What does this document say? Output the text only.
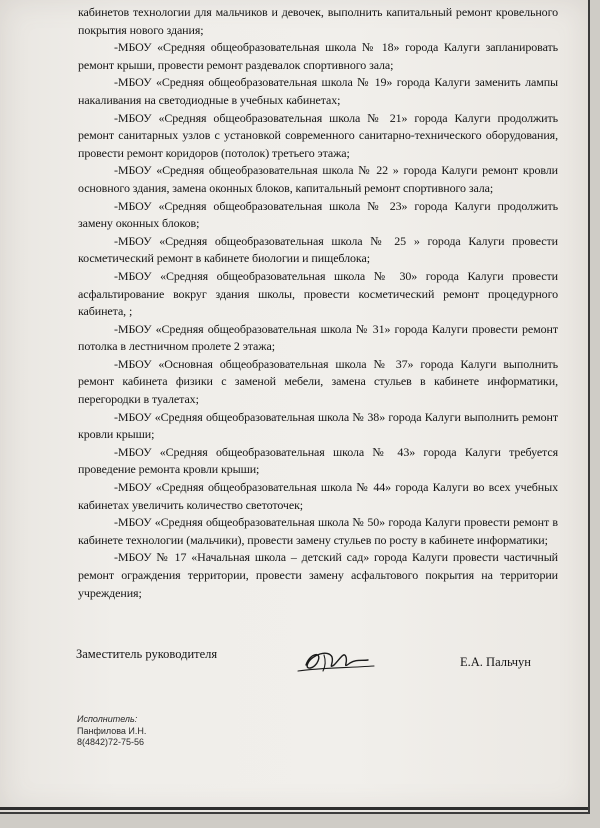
кабинетов технологии для мальчиков и девочек, выполнить капитальный ремонт кровельного покрытия нового здания;

-МБОУ «Средняя общеобразовательная школа № 18» города Калуги запланировать ремонт крыши, провести ремонт раздевалок спортивного зала;

-МБОУ «Средняя общеобразовательная школа № 19» города Калуги заменить лампы накаливания на светодиодные в учебных кабинетах;

-МБОУ «Средняя общеобразовательная школа № 21» города Калуги продолжить ремонт санитарных узлов с установкой современного санитарно-технического оборудования, провести ремонт коридоров (потолок) третьего этажа;

-МБОУ «Средняя общеобразовательная школа № 22 » города Калуги ремонт кровли основного здания, замена оконных блоков, капитальный ремонт спортивного зала;

-МБОУ «Средняя общеобразовательная школа № 23» города Калуги продолжить замену оконных блоков;

-МБОУ «Средняя общеобразовательная школа № 25 » города Калуги провести косметический ремонт в кабинете биологии и пищеблока;

-МБОУ «Средняя общеобразовательная школа № 30» города Калуги провести асфальтирование вокруг здания школы, провести косметический ремонт процедурного кабинета, ;

-МБОУ «Средняя общеобразовательная школа № 31» города Калуги провести ремонт потолка в лестничном пролете 2 этажа;

-МБОУ «Основная общеобразовательная школа № 37» города Калуги выполнить ремонт кабинета физики с заменой мебели, замена стульев в кабинете информатики, перегородки в туалетах;

-МБОУ «Средняя общеобразовательная школа № 38» города Калуги выполнить ремонт кровли крыши;

-МБОУ «Средняя общеобразовательная школа № 43» города Калуги требуется проведение ремонта кровли крыши;

-МБОУ «Средняя общеобразовательная школа № 44» города Калуги во всех учебных кабинетах увеличить количество светоточек;

-МБОУ «Средняя общеобразовательная школа № 50» города Калуги провести ремонт в кабинете технологии (мальчики), провести замену стульев по росту в кабинете информатики;

-МБОУ № 17 «Начальная школа – детский сад» города Калуги провести частичный ремонт ограждения территории, провести замену асфальтового покрытия на территории учреждения;

Заместитель руководителя
Е.А. Пальчун
Исполнитель:
Панфилова И.Н.
8(4842)72-75-56
